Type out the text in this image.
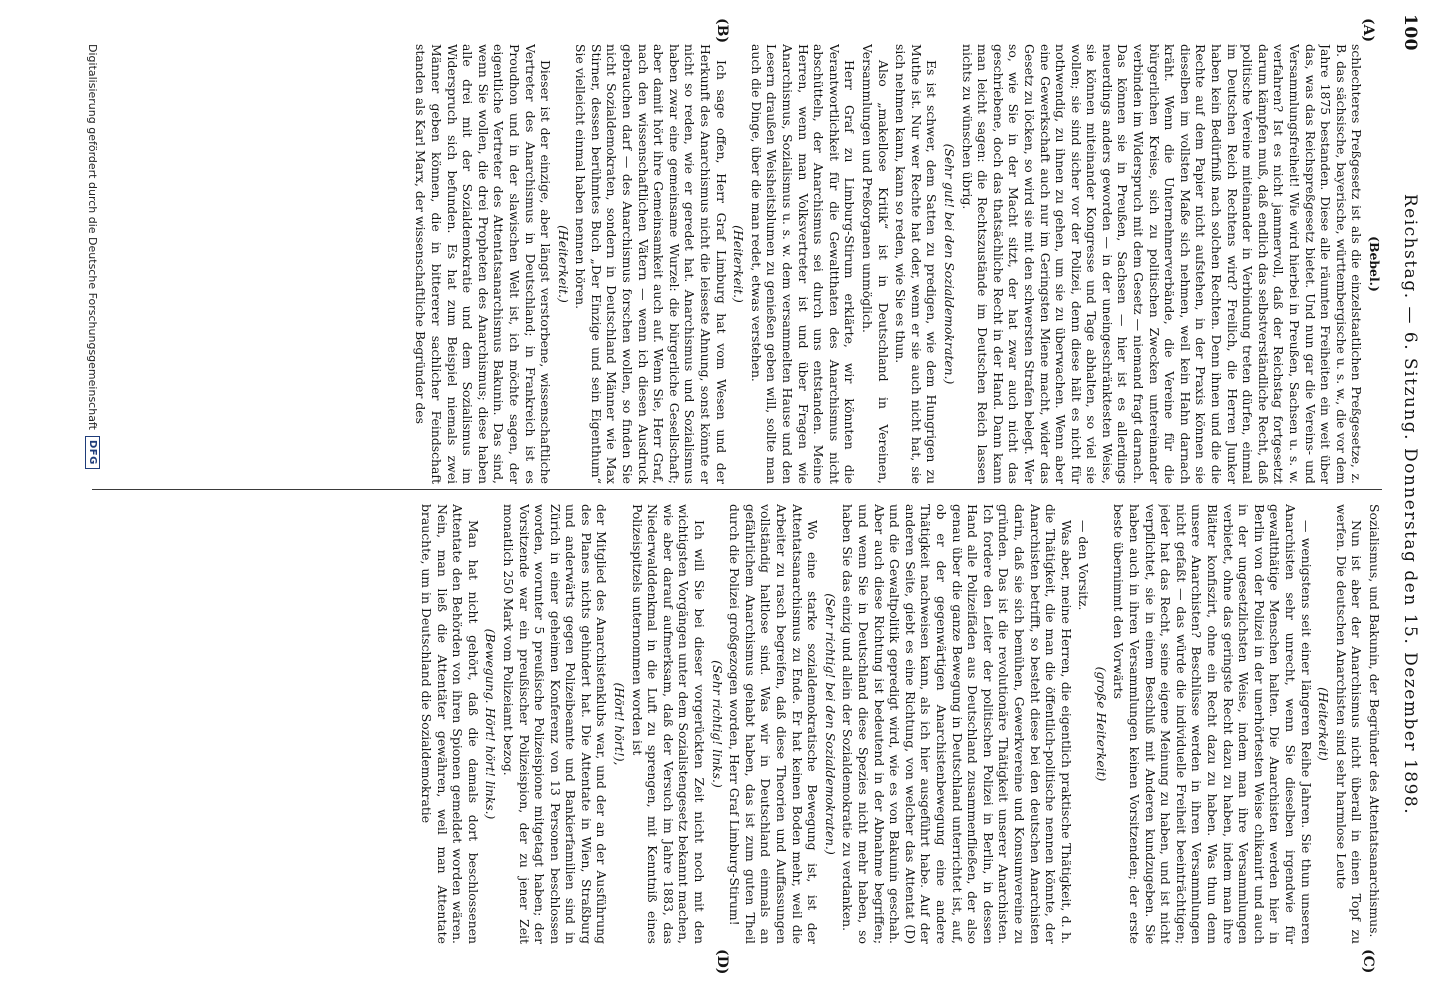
100
Reichstag. — 6. Sitzung. Donnerstag den 15. Dezember 1898.
(A)
(B)
(C)
(D)

(Bebel.)

schlechteres Preßgesetz ist als die einzelstaatlichen Preßgesetze, z. B. das sächsische, bayerische, württembergische u. s. w., die vor dem Jahre 1875 bestanden. Diese alle räumten Freiheiten ein weit über das, was das Reichspreßgesetz bietet. Und nun gar die Vereins- und Versammlungsfreiheit! Wie wird hierbei in Preußen, Sachsen u. s. w. verfahren? Ist es nicht jammervoll, daß der Reichstag fortgesetzt darum kämpfen muß, daß endlich das selbstverständliche Recht, daß politische Vereine miteinander in Verbindung treten dürfen, einmal im Deutschen Reich Rechtens wird? Freilich, die Herren Junker haben kein Bedürfniß nach solchen Rechten. Denn ihnen und die die Rechte auf dem Papier nicht aufstehen, in der Praxis können sie dieselben im vollsten Maße sich nehmen, weil kein Hahn darnach kräht. Wenn die Unternehmerverbände, die Vereine für die bürgerlichen Kreise, sich zu politischen Zwecken untereinander verbinden im Widerspruch mit dem Gesetz — niemand fragt darnach. Das können sie in Preußen, Sachsen — hier ist es allerdings neuerdings anders geworden — in der uneingeschränktesten Weise, sie können miteinander Kongresse und Tage abhalten, so viel sie wollen; sie sind sicher vor der Polizei, denn diese hält es nicht für nothwendig, zu ihnen zu gehen, um sie zu überwachen. Wenn aber eine Gewerkschaft auch nur im Geringsten Miene macht, wider das Gesetz zu löcken, so wird sie mit den schwersten Strafen belegt. Wer so, wie Sie in der Macht sitzt, der hat zwar auch nicht das geschriebene, doch das thatsächliche Recht in der Hand. Dann kann man leicht sagen: die Rechtszustände im Deutschen Reich lassen nichts zu wünschen übrig.

(Sehr gut! bei den Sozialdemokraten.)

Es ist schwer, dem Satten zu predigen, wie dem Hungrigen zu Muthe ist. Nur wer Rechte hat oder, wenn er sie auch nicht hat, sie sich nehmen kann, kann so reden, wie Sie es thun.

Also „makellose Kritik“ ist in Deutschland in Vereinen, Versammlungen und Preßorganen unmöglich.

Herr Graf zu Limburg-Stirum erklärte, wir könnten die Verantwortlichkeit für die Gewaltthaten des Anarchismus nicht abschütteln, der Anarchismus sei durch uns entstanden. Meine Herren, wenn man Volksvertreter ist und über Fragen wie Anarchismus, Sozialismus u. s. w. dem versammelten Hause und den Lesern draußen Weisheitsblumen zu genießen geben will, sollte man auch die Dinge, über die man redet, etwas verstehen.

(Heiterkeit.)

Ich sage offen, Herr Graf Limburg hat vom Wesen und der Herkunft des Anarchismus nicht die leiseste Ahnung, sonst könnte er nicht so reden, wie er geredet hat. Anarchismus und Sozialismus haben zwar eine gemeinsame Wurzel: die bürgerliche Gesellschaft; aber damit hört ihre Gemeinsamkeit auch auf. Wenn Sie, Herr Graf, nach den wissenschaftlichen Vätern — wenn ich diesen Ausdruck gebrauchen darf — des Anarchismus forschen wollen, so finden Sie nicht Sozialdemokraten, sondern in Deutschland Männer wie Max Stirner, dessen berühmtes Buch „Der Einzige und sein Eigenthum“ Sie vielleicht einmal haben nennen hören.

(Heiterkeit.)

Dieser ist der einzige, aber längst verstorbene, wissenschaftliche Vertreter des Anarchismus in Deutschland; in Frankreich ist es Proudhon und in der slawischen Welt ist, ich möchte sagen, der eigentliche Vertreter des Attentatsanarchismus Bakunin. Das sind, wenn Sie wollen, die drei Propheten des Anarchismus; diese haben alle drei mit der Sozialdemokratie und dem Sozialismus im Widerspruch sich befunden. Es hat zum Beispiel niemals zwei Männer geben können, die in bittererer sachlicher Feindschaft standen als Karl Marx, der wissenschaftliche Begründer des

Sozialismus, und Bakunin, der Begründer des Attentatsanarchismus.

Nun ist aber der Anarchismus nicht überall in einen Topf zu werfen. Die deutschen Anarchisten sind sehr harmlose Leute

(Heiterkeit)

— wenigstens seit einer längeren Reihe Jahren. Sie thun unseren Anarchisten sehr unrecht, wenn Sie dieselben irgendwie für gewaltthätige Menschen halten. Die Anarchisten werden hier in Berlin von der Polizei in der unerhörtesten Weise chikanirt und auch in der ungesetzlichsten Weise, indem man ihre Versammlungen verbietet, ohne das geringste Recht dazu zu haben, indem man ihre Blätter konfiszirt, ohne ein Recht dazu zu haben. Was thun denn unsere Anarchisten? Beschlüsse werden in ihren Versammlungen nicht gefaßt — das würde die individuelle Freiheit beeinträchtigen; jeder hat das Recht, seine eigene Meinung zu haben, und ist nicht verpflichtet, sie in einem Beschluß mit Anderen kundzugeben. Sie haben auch in ihren Versammlungen keinen Vorsitzenden; der erste beste übernimmt den Vorwärts

(große Heiterkeit)

— den Vorsitz.

Was aber, meine Herren, die eigentlich praktische Thätigkeit, d. h. die Thätigkeit, die man die öffentlich-politische nennen könnte, der Anarchisten betrifft, so besteht diese bei den deutschen Anarchisten darin, daß sie sich bemühen, Gewerkvereine und Konsumvereine zu gründen. Das ist die revolutionäre Thätigkeit unserer Anarchisten. Ich fordere den Leiter der politischen Polizei in Berlin, in dessen Hand alle Polizeifäden aus Deutschland zusammenfließen, der also genau über die ganze Bewegung in Deutschland unterrichtet ist, auf, ob er der gegenwärtigen Anarchistenbewegung eine andere Thätigkeit nachweisen kann, als ich hier ausgeführt habe. Auf der anderen Seite, giebt es eine Richtung, von welcher das Attentat (D) und die Gewaltpolitik gepredigt wird, wie es von Bakunin geschah. Aber auch diese Richtung ist bedeutend in der Abnahme begriffen; und wenn Sie in Deutschland diese Spezies nicht mehr haben, so haben Sie das einzig und allein der Sozialdemokratie zu verdanken.

(Sehr richtig! bei den Sozialdemokraten.)

Wo eine starke sozialdemokratische Bewegung ist, ist der Attentatsanarchismus zu Ende. Er hat keinen Boden mehr, weil die Arbeiter zu rasch begreifen, daß diese Theorien und Auffassungen vollständig haltlose sind. Was wir in Deutschland einmals an gefährlichem Anarchismus gehabt haben, das ist zum guten Theil durch die Polizei großgezogen worden, Herr Graf Limburg-Stirum!

(Sehr richtig! links.)

Ich will Sie bei dieser vorgerückten Zeit nicht noch mit den wichtigsten Vorgängen unter dem Sozialistengesetz bekannt machen, wie aber darauf aufmerksam, daß der Versuch im Jahre 1883, das Niederwalddenkmal in die Luft zu sprengen, mit Kenntniß eines Polizeispitzels unternommen worden ist

(Hört! hört!),

der Mitglied des Anarchistenklubs war, und der an der Ausführung des Planes nichts gehindert hat. Die Attentate in Wien, Straßburg und anderwärts gegen Polizeibeamte und Bankierfamilien sind in Zürich in einer geheimen Konferenz von 13 Personen beschlossen worden, worunter 5 preußische Polizeispione mitgetagt haben; der Vorsitzende war ein preußischer Polizeispion, der zu jener Zeit monatlich 250 Mark vom Polizeiamt bezog.

(Bewegung. Hört! hört! links.)

Man hat nicht gehört, daß die damals dort beschlossenen Attentate den Behörden von ihren Spionen gemeldet worden wären. Nein, man ließ die Attentäter gewähren, weil man Attentate brauchte, um in Deutschland die Sozialdemokratie

Digitalisierung gefördert durch die Deutsche Forschungsgemeinschaft
DFG
